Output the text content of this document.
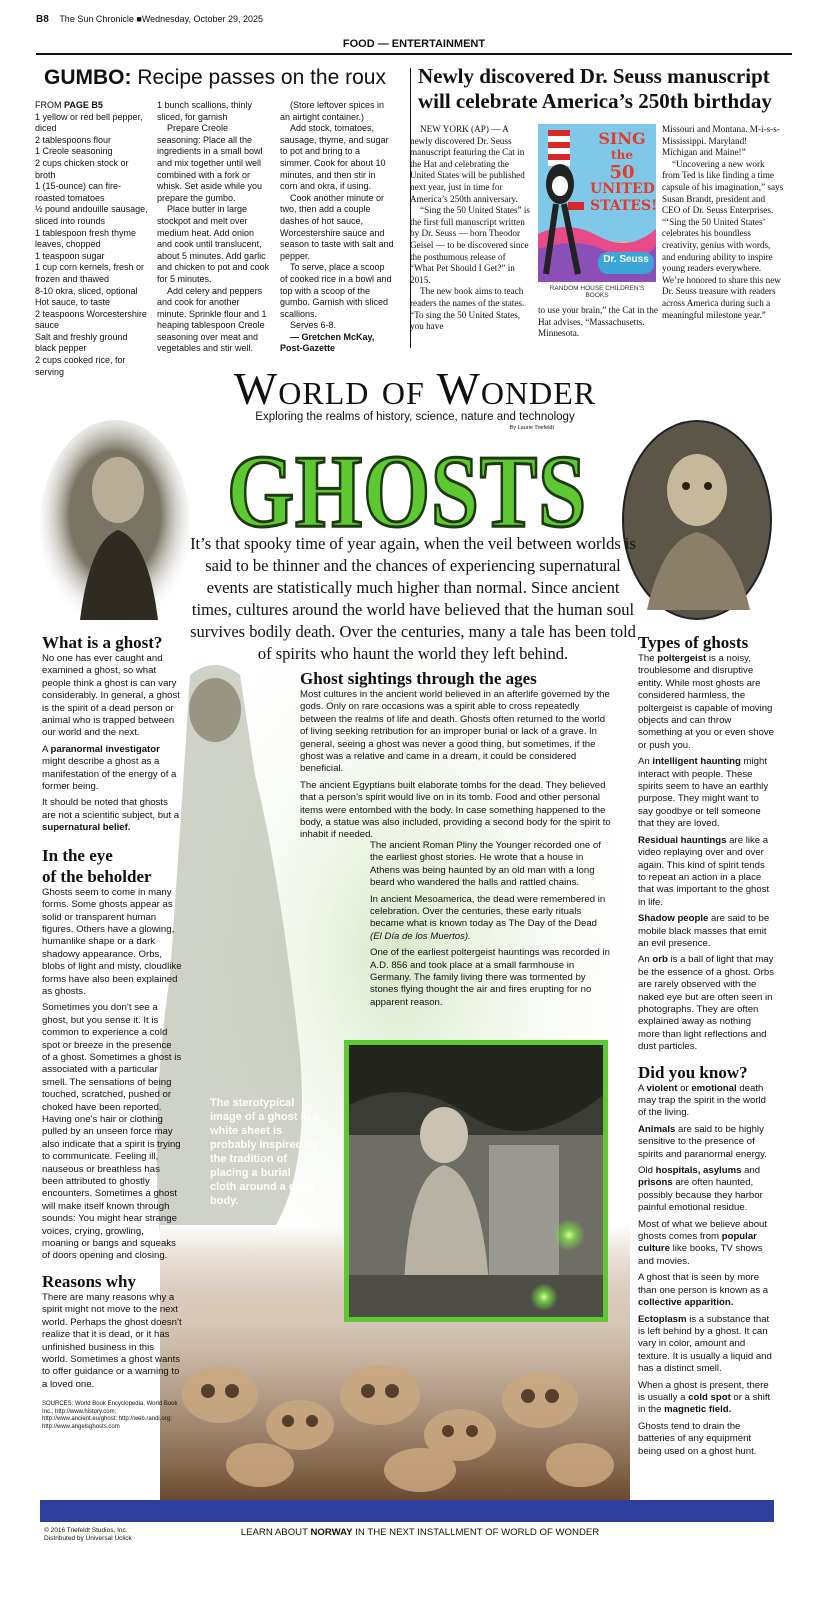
B8 The Sun Chronicle ■Wednesday, October 29, 2025
FOOD — ENTERTAINMENT
GUMBO: Recipe passes on the roux

FROM PAGE B5

1 yellow or red bell pepper, diced

2 tablespoons flour

1 Creole seasoning

2 cups chicken stock or broth

1 (15-ounce) can fire-roasted tomatoes

½ pound andouille sausage, sliced into rounds

1 tablespoon fresh thyme leaves, chopped

1 teaspoon sugar

1 cup corn kernels, fresh or frozen and thawed

8-10 okra, sliced, optional

Hot sauce, to taste

2 teaspoons Worcestershire sauce

Salt and freshly ground black pepper

2 cups cooked rice, for serving

1 bunch scallions, thinly sliced, for garnish

Prepare Creole seasoning: Place all the ingredients in a small bowl and mix together until well combined with a fork or whisk. Set aside while you prepare the gumbo.

Place butter in large stockpot and melt over medium heat. Add onion and cook until translucent, about 5 minutes. Add garlic and chicken to pot and cook for 5 minutes.

Add celery and peppers and cook for another minute. Sprinkle flour and 1 heaping tablespoon Creole seasoning over meat and vegetables and stir well.

(Store leftover spices in an airtight container.)

Add stock, tomatoes, sausage, thyme, and sugar to pot and bring to a simmer. Cook for about 10 minutes, and then stir in corn and okra, if using.

Cook another minute or two, then add a couple dashes of hot sauce, Worcestershire sauce and season to taste with salt and pepper.

To serve, place a scoop of cooked rice in a bowl and top with a scoop of the gumbo. Garnish with sliced scallions.

Serves 6-8.

— Gretchen McKay,

Post-Gazette

Newly discovered Dr. Seuss manuscript will celebrate America’s 250th birthday

NEW YORK (AP) — A newly discovered Dr. Seuss manuscript featuring the Cat in the Hat and celebrating the United States will be published next year, just in time for America’s 250th anniversary.

“Sing the 50 United States” is the first full manuscript written by Dr. Seuss — born Theodor Geisel — to be discovered since the posthumous release of “What Pet Should I Get?” in 2015.

The new book aims to teach readers the names of the states. “To sing the 50 United States, you have

SING
the
50
UNITED
STATES!
Dr. Seuss
RANDOM HOUSE CHILDREN’S BOOKS

to use your brain,” the Cat in the Hat advises. “Massachusetts. Minnesota.

Missouri and Montana. M-i-s-s-Mississippi. Maryland! Michigan and Maine!”

“Uncovering a new work from Ted is like finding a time capsule of his imagination,” says Susan Brandt, president and CEO of Dr. Seuss Enterprises. “‘Sing the 50 United States’ celebrates his boundless creativity, genius with words, and enduring ability to inspire young readers everywhere. We’re honored to share this new Dr. Seuss treasure with readers across America during such a meaningful milestone year.”

World of Wonder
Exploring the realms of history, science, nature and technology
By Laurie Triefeldt
GHOSTS
It’s that spooky time of year again, when the veil between worlds is said to be thinner and the chances of experiencing supernatural events are statistically much higher than normal. Since ancient times, cultures around the world have believed that the human soul survives bodily death. Over the centuries, many a tale has been told of spirits who haunt the world they left behind.
What is a ghost?

No one has ever caught and examined a ghost, so what people think a ghost is can vary considerably. In general, a ghost is the spirit of a dead person or animal who is trapped between our world and the next.

A paranormal investigator might describe a ghost as a manifestation of the energy of a former being.

It should be noted that ghosts are not a scientific subject, but a supernatural belief.

In the eye
of the beholder

Ghosts seem to come in many forms. Some ghosts appear as solid or transparent human figures. Others have a glowing, humanlike shape or a dark shadowy appearance. Orbs, blobs of light and misty, cloudlike forms have also been explained as ghosts.

Sometimes you don’t see a ghost, but you sense it. It is common to experience a cold spot or breeze in the presence of a ghost. Sometimes a ghost is associated with a particular smell. The sensations of being touched, scratched, pushed or choked have been reported. Having one’s hair or clothing pulled by an unseen force may also indicate that a spirit is trying to communicate. Feeling ill, nauseous or breathless has been attributed to ghostly encounters. Sometimes a ghost will make itself known through sounds: You might hear strange voices, crying, growling, moaning or bangs and squeaks of doors opening and closing.

Reasons why

There are many reasons why a spirit might not move to the next world. Perhaps the ghost doesn’t realize that it is dead, or it has unfinished business in this world. Sometimes a ghost wants to offer guidance or a warning to a loved one.

SOURCES: World Book Encyclopedia, World Book Inc.; http://www.history.com; http://www.ancient.eu/ghost; http://web.randi.org; http://www.angelsghosts.com
Ghost sightings through the ages

Most cultures in the ancient world believed in an afterlife governed by the gods. Only on rare occasions was a spirit able to cross repeatedly between the realms of life and death. Ghosts often returned to the world of living seeking retribution for an improper burial or lack of a grave. In general, seeing a ghost was never a good thing, but sometimes, if the ghost was a relative and came in a dream, it could be considered beneficial.

The ancient Egyptians built elaborate tombs for the dead. They believed that a person’s spirit would live on in its tomb. Food and other personal items were entombed with the body. In case something happened to the body, a statue was also included, providing a second body for the spirit to inhabit if needed.

The ancient Roman Pliny the Younger recorded one of the earliest ghost stories. He wrote that a house in Athens was being haunted by an old man with a long beard who wandered the halls and rattled chains.

In ancient Mesoamerica, the dead were remembered in celebration. Over the centuries, these early rituals became what is known today as The Day of the Dead (El Día de los Muertos).

One of the earliest poltergeist hauntings was recorded in A.D. 856 and took place at a small farmhouse in Germany. The family living there was tormented by stones flying thought the air and fires erupting for no apparent reason.

The sterotypical image of a ghost in a white sheet is probably inspired by the tradition of placing a burial cloth around a dead body.
Types of ghosts

The poltergeist is a noisy, troublesome and disruptive entity. While most ghosts are considered harmless, the poltergeist is capable of moving objects and can throw something at you or even shove or push you.

An intelligent haunting might interact with people. These spirits seem to have an earthly purpose. They might want to say goodbye or tell someone that they are loved.

Residual hauntings are like a video replaying over and over again. This kind of spirit tends to repeat an action in a place that was important to the ghost in life.

Shadow people are said to be mobile black masses that emit an evil presence.

An orb is a ball of light that may be the essence of a ghost. Orbs are rarely observed with the naked eye but are often seen in photographs. They are often explained away as nothing more than light reflections and dust particles.

Did you know?

A violent or emotional death may trap the spirit in the world of the living.

Animals are said to be highly sensitive to the presence of spirits and paranormal energy.

Old hospitals, asylums and prisons are often haunted, possibly because they harbor painful emotional residue.

Most of what we believe about ghosts comes from popular culture like books, TV shows and movies.

A ghost that is seen by more than one person is known as a collective apparition.

Ectoplasm is a substance that is left behind by a ghost. It can vary in color, amount and texture. It is usually a liquid and has a distinct smell.

When a ghost is present, there is usually a cold spot or a shift in the magnetic field.

Ghosts tend to drain the batteries of any equipment being used on a ghost hunt.

© 2016 Triefeldt Studios, Inc.
Distributed by Universal Uclick
LEARN ABOUT NORWAY IN THE NEXT INSTALLMENT OF WORLD OF WONDER
